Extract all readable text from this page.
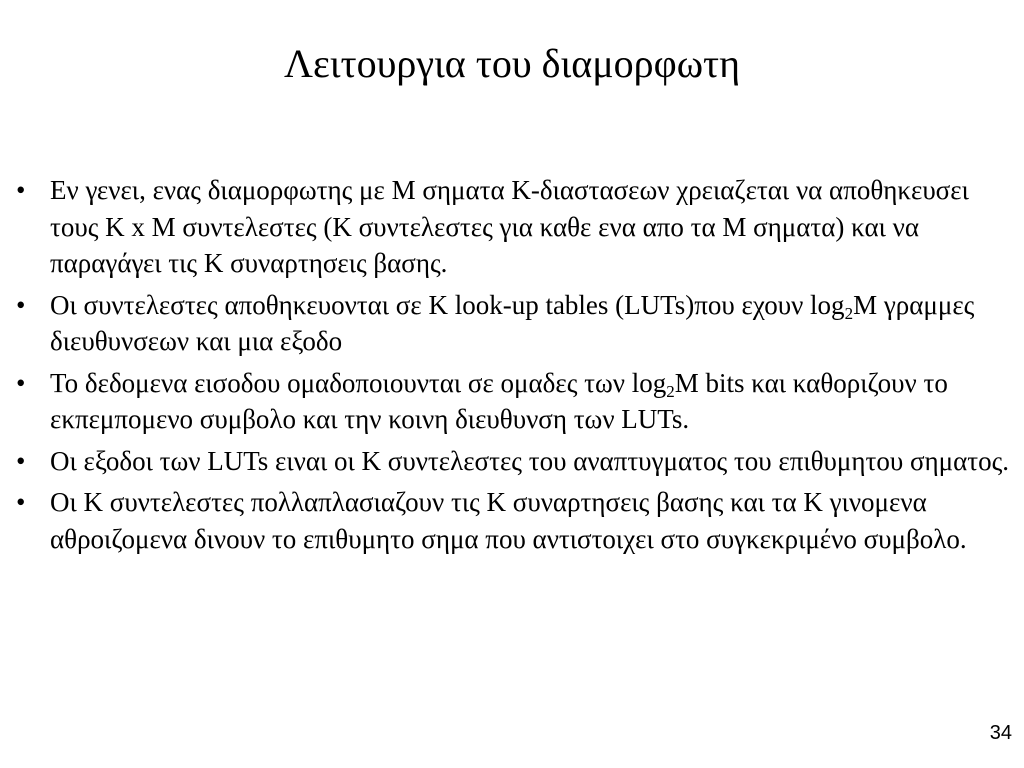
Λειτουργια του διαμορφωτη
• Εν γενει, ενας διαμορφωτης με Μ σηματα Κ-διαστασεων χρειαζεται να αποθηκευσει τους Κ x Μ συντελεστες (Κ συντελεστες για καθε ενα απο τα Μ σηματα) και να παραγάγει τις Κ συναρτησεις βασης.
• Οι συντελεστες αποθηκευονται σε Κ look-up tables (LUTs)που εχουν $\log_2M$ γραμμες διευθυνσεων και μια εξοδο
• Το δεδομενα εισοδου ομαδοποιουνται σε ομαδες των $\log_2M$ bits και καθοριζουν το εκπεμπομενο συμβολο και την κοινη διευθυνση των LUTs.
• Οι εξοδοι των LUTs ειναι οι Κ συντελεστες του αναπτυγματος του επιθυμητου σηματος.
• Οι Κ συντελεστες πολλαπλασιαζουν τις Κ συναρτησεις βασης και τα Κ γινομενα αθροιζομενα δινουν το επιθυμητο σημα που αντιστοιχει στο συγκεκριμένο συμβολο.
34
